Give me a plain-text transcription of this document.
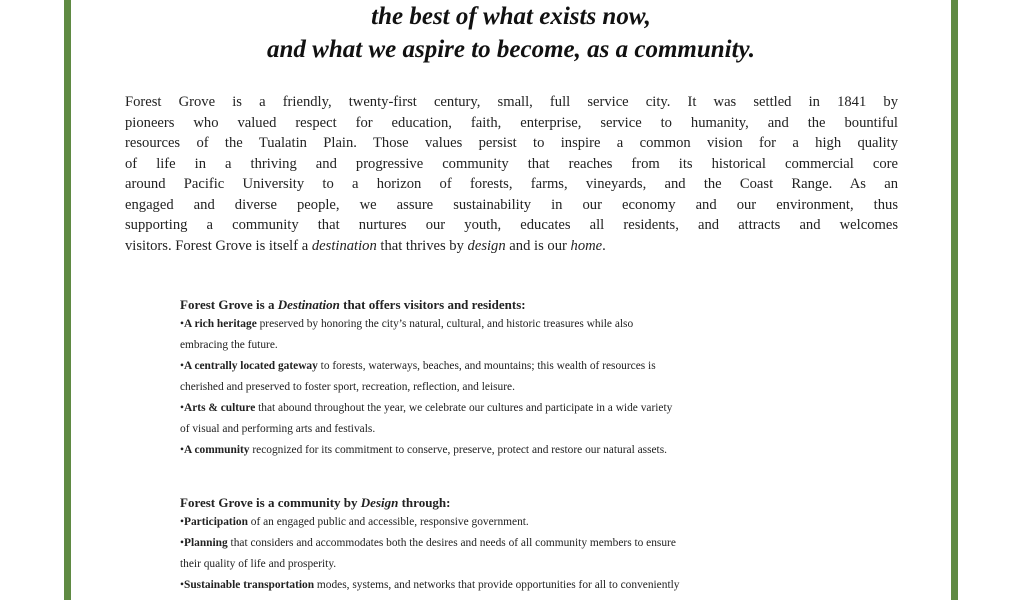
the best of what exists now,
and what we aspire to become, as a community.
Forest Grove is a friendly, twenty-first century, small, full service city. It was settled in 1841 by
pioneers who valued respect for education, faith, enterprise, service to humanity, and the bountiful
resources of the Tualatin Plain. Those values persist to inspire a common vision for a high quality
of life in a thriving and progressive community that reaches from its historical commercial core
around Pacific University to a horizon of forests, farms, vineyards, and the Coast Range. As an
engaged and diverse people, we assure sustainability in our economy and our environment, thus
supporting a community that nurtures our youth, educates all residents, and attracts and welcomes
visitors. Forest Grove is itself a destination that thrives by design and is our home.
Forest Grove is a Destination that offers visitors and residents:
•A rich heritage preserved by honoring the city’s natural, cultural, and historic treasures while also
embracing the future.
•A centrally located gateway to forests, waterways, beaches, and mountains; this wealth of resources is
cherished and preserved to foster sport, recreation, reflection, and leisure.
•Arts & culture that abound throughout the year, we celebrate our cultures and participate in a wide variety
of visual and performing arts and festivals.
•A community recognized for its commitment to conserve, preserve, protect and restore our natural assets.
Forest Grove is a community by Design through:
•Participation of an engaged public and accessible, responsive government.
•Planning that considers and accommodates both the desires and needs of all community members to ensure
their quality of life and prosperity.
•Sustainable transportation modes, systems, and networks that provide opportunities for all to conveniently
